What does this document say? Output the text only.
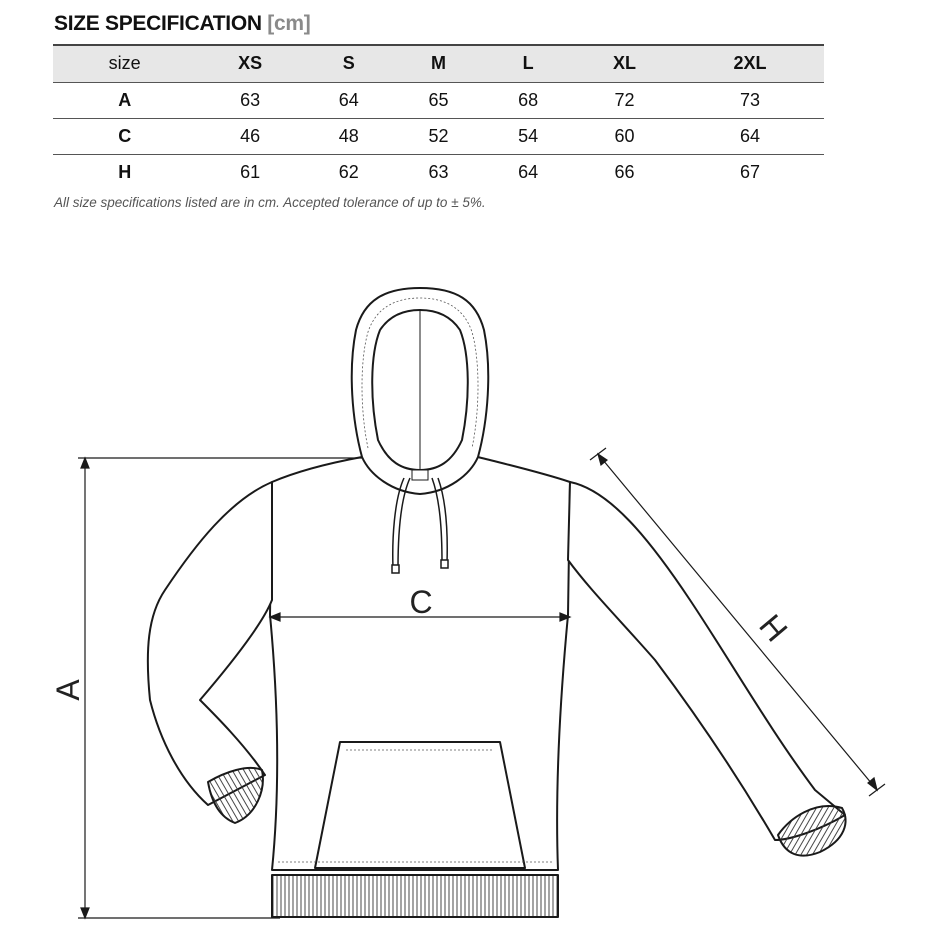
SIZE SPECIFICATION [cm]
size	XS	S	M	L	XL	2XL
A	63	64	65	68	72	73
C	46	48	52	54	60	64
H	61	62	63	64	66	67
All size specifications listed are in cm. Accepted tolerance of up to ± 5%.
A
C
H
